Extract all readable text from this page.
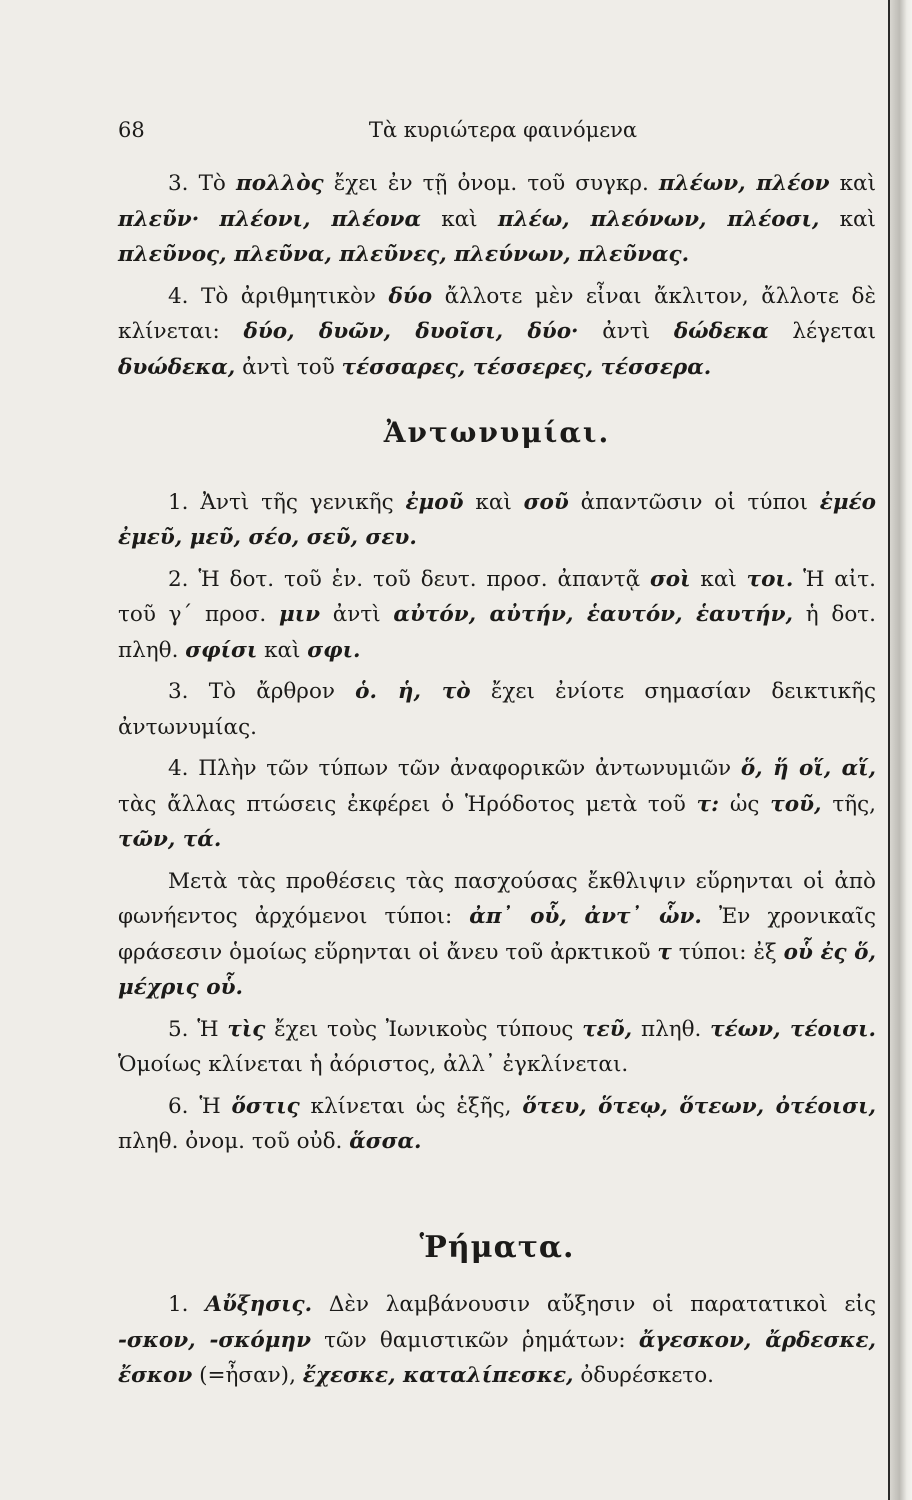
68	Τὰ κυριώτερα φαινόμενα

3. Τὸ πολλὸς ἔχει ἐν τῇ ὀνομ. τοῦ συγκρ. πλέων, πλέον καὶ πλεῦν· πλέονι, πλέονα καὶ πλέω, πλεόνων, πλέοσι, καὶ πλεῦνος, πλεῦνα, πλεῦνες, πλεύνων, πλεῦνας.

4. Τὸ ἀριθμητικὸν δύο ἄλλοτε μὲν εἶναι ἄκλιτον, ἄλλοτε δὲ κλίνεται: δύο, δυῶν, δυοῖσι, δύο· ἀντὶ δώδεκα λέγεται δυώδεκα, ἀντὶ τοῦ τέσσαρες, τέσσερες, τέσσερα.

Ἀντωνυμίαι.

1. Ἀντὶ τῆς γενικῆς ἐμοῦ καὶ σοῦ ἀπαντῶσιν οἱ τύποι ἐμέο ἐμεῦ, μεῦ, σέο, σεῦ, σευ.

2. Ἡ δοτ. τοῦ ἑν. τοῦ δευτ. προσ. ἀπαντᾷ σοὶ καὶ τοι. Ἡ αἰτ. τοῦ γ΄ προσ. μιν ἀντὶ αὐτόν, αὐτήν, ἑαυτόν, ἑαυτήν, ἡ δοτ. πληθ. σφίσι καὶ σφι.

3. Τὸ ἄρθρον ὁ. ἡ, τὸ ἔχει ἐνίοτε σημασίαν δεικτικῆς ἀντωνυμίας.

4. Πλὴν τῶν τύπων τῶν ἀναφορικῶν ἀντωνυμιῶν ὅ, ἥ οἵ, αἵ, τὰς ἄλλας πτώσεις ἐκφέρει ὁ Ἡρόδοτος μετὰ τοῦ τ: ὡς τοῦ, τῆς, τῶν, τά.

Μετὰ τὰς προθέσεις τὰς πασχούσας ἔκθλιψιν εὕρηνται οἱ ἀπὸ φωνήεντος ἀρχόμενοι τύποι: ἀπ᾽ οὗ, ἀντ᾽ ὧν. Ἐν χρονικαῖς φράσεσιν ὁμοίως εὕρηνται οἱ ἄνευ τοῦ ἀρκτικοῦ τ τύποι: ἐξ οὗ ἐς ὅ, μέχρις οὗ.

5. Ἡ τὶς ἔχει τοὺς Ἰωνικοὺς τύπους τεῦ, πληθ. τέων, τέοισι. Ὁμοίως κλίνεται ἡ ἀόριστος, ἀλλ᾽ ἐγκλίνεται.

6. Ἡ ὅστις κλίνεται ὡς ἑξῆς, ὅτευ, ὅτεῳ, ὅτεων, ὀτέοισι, πληθ. ὀνομ. τοῦ οὐδ. ἅσσα.

Ῥήματα.

1. Αὔξησις. Δὲν λαμβάνουσιν αὔξησιν οἱ παρατατικοὶ εἰς -σκον, -σκόμην τῶν θαμιστικῶν ῥημάτων: ἄγεσκον, ἄρδεσκε, ἔσκον (=ἦσαν), ἔχεσκε, καταλίπεσκε, ὀδυρέσκετο.
